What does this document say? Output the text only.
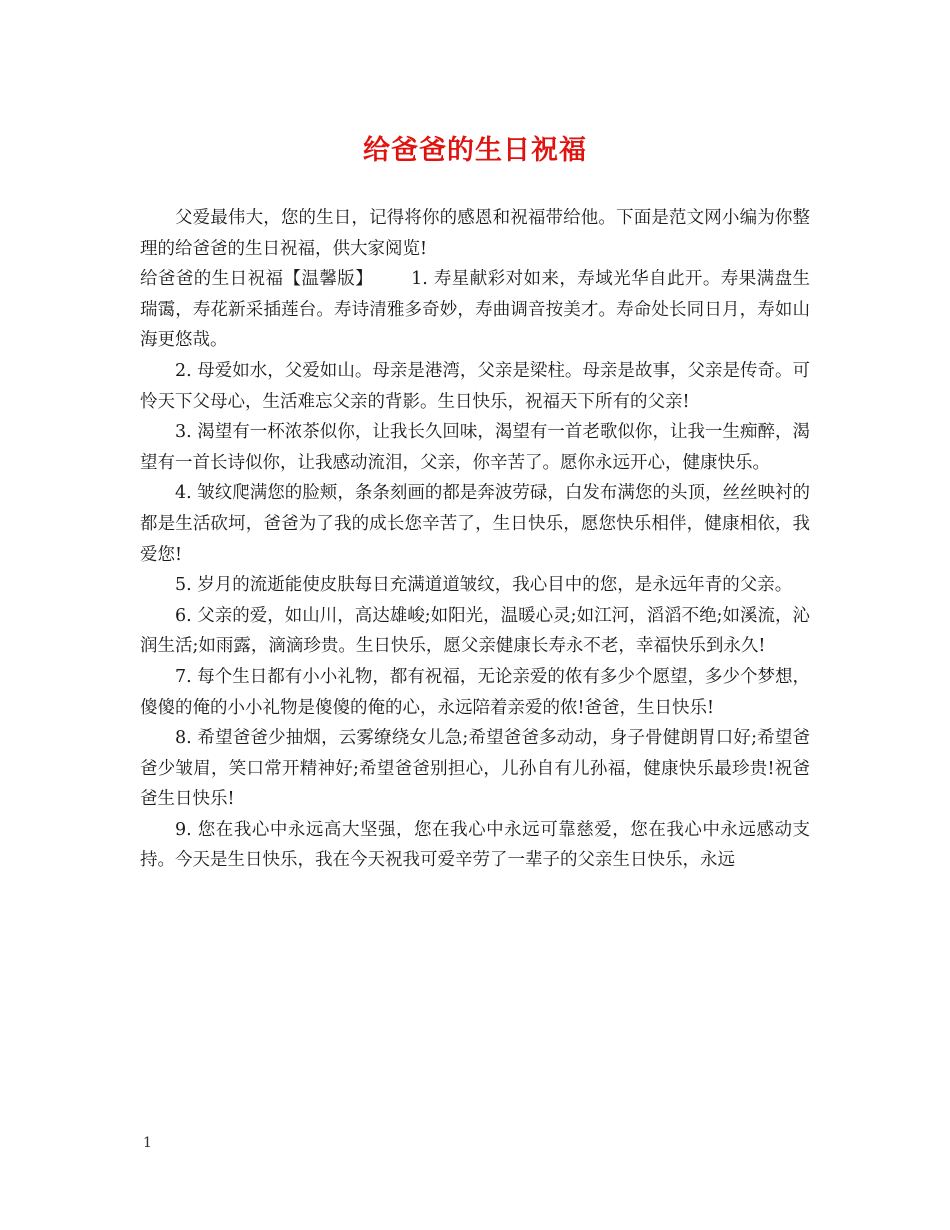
给爸爸的生日祝福

父爱最伟大，您的生日，记得将你的感恩和祝福带给他。下面是范文网小编为你整理的给爸爸的生日祝福，供大家阅览!

给爸爸的生日祝福【温馨版】 1. 寿星献彩对如来，寿域光华自此开。寿果满盘生瑞霭，寿花新采插莲台。寿诗清雅多奇妙，寿曲调音按美才。寿命处长同日月，寿如山海更悠哉。

2. 母爱如水，父爱如山。母亲是港湾，父亲是梁柱。母亲是故事，父亲是传奇。可怜天下父母心，生活难忘父亲的背影。生日快乐，祝福天下所有的父亲!

3. 渴望有一杯浓茶似你，让我长久回味，渴望有一首老歌似你，让我一生痴醉，渴望有一首长诗似你，让我感动流泪，父亲，你辛苦了。愿你永远开心，健康快乐。

4. 皱纹爬满您的脸颊，条条刻画的都是奔波劳碌，白发布满您的头顶，丝丝映衬的都是生活砍坷，爸爸为了我的成长您辛苦了，生日快乐，愿您快乐相伴，健康相依，我爱您!

5. 岁月的流逝能使皮肤每日充满道道皱纹，我心目中的您，是永远年青的父亲。

6. 父亲的爱，如山川，高达雄峻;如阳光，温暖心灵;如江河，滔滔不绝;如溪流，沁润生活;如雨露，滴滴珍贵。生日快乐，愿父亲健康长寿永不老，幸福快乐到永久!

7. 每个生日都有小小礼物，都有祝福，无论亲爱的侬有多少个愿望，多少个梦想，傻傻的俺的小小礼物是傻傻的俺的心，永远陪着亲爱的侬!爸爸，生日快乐!

8. 希望爸爸少抽烟，云雾缭绕女儿急;希望爸爸多动动，身子骨健朗胃口好;希望爸爸少皱眉，笑口常开精神好;希望爸爸别担心，儿孙自有儿孙福，健康快乐最珍贵!祝爸爸生日快乐!

9. 您在我心中永远高大坚强，您在我心中永远可靠慈爱，您在我心中永远感动支持。今天是生日快乐，我在今天祝我可爱辛劳了一辈子的父亲生日快乐，永远

1
